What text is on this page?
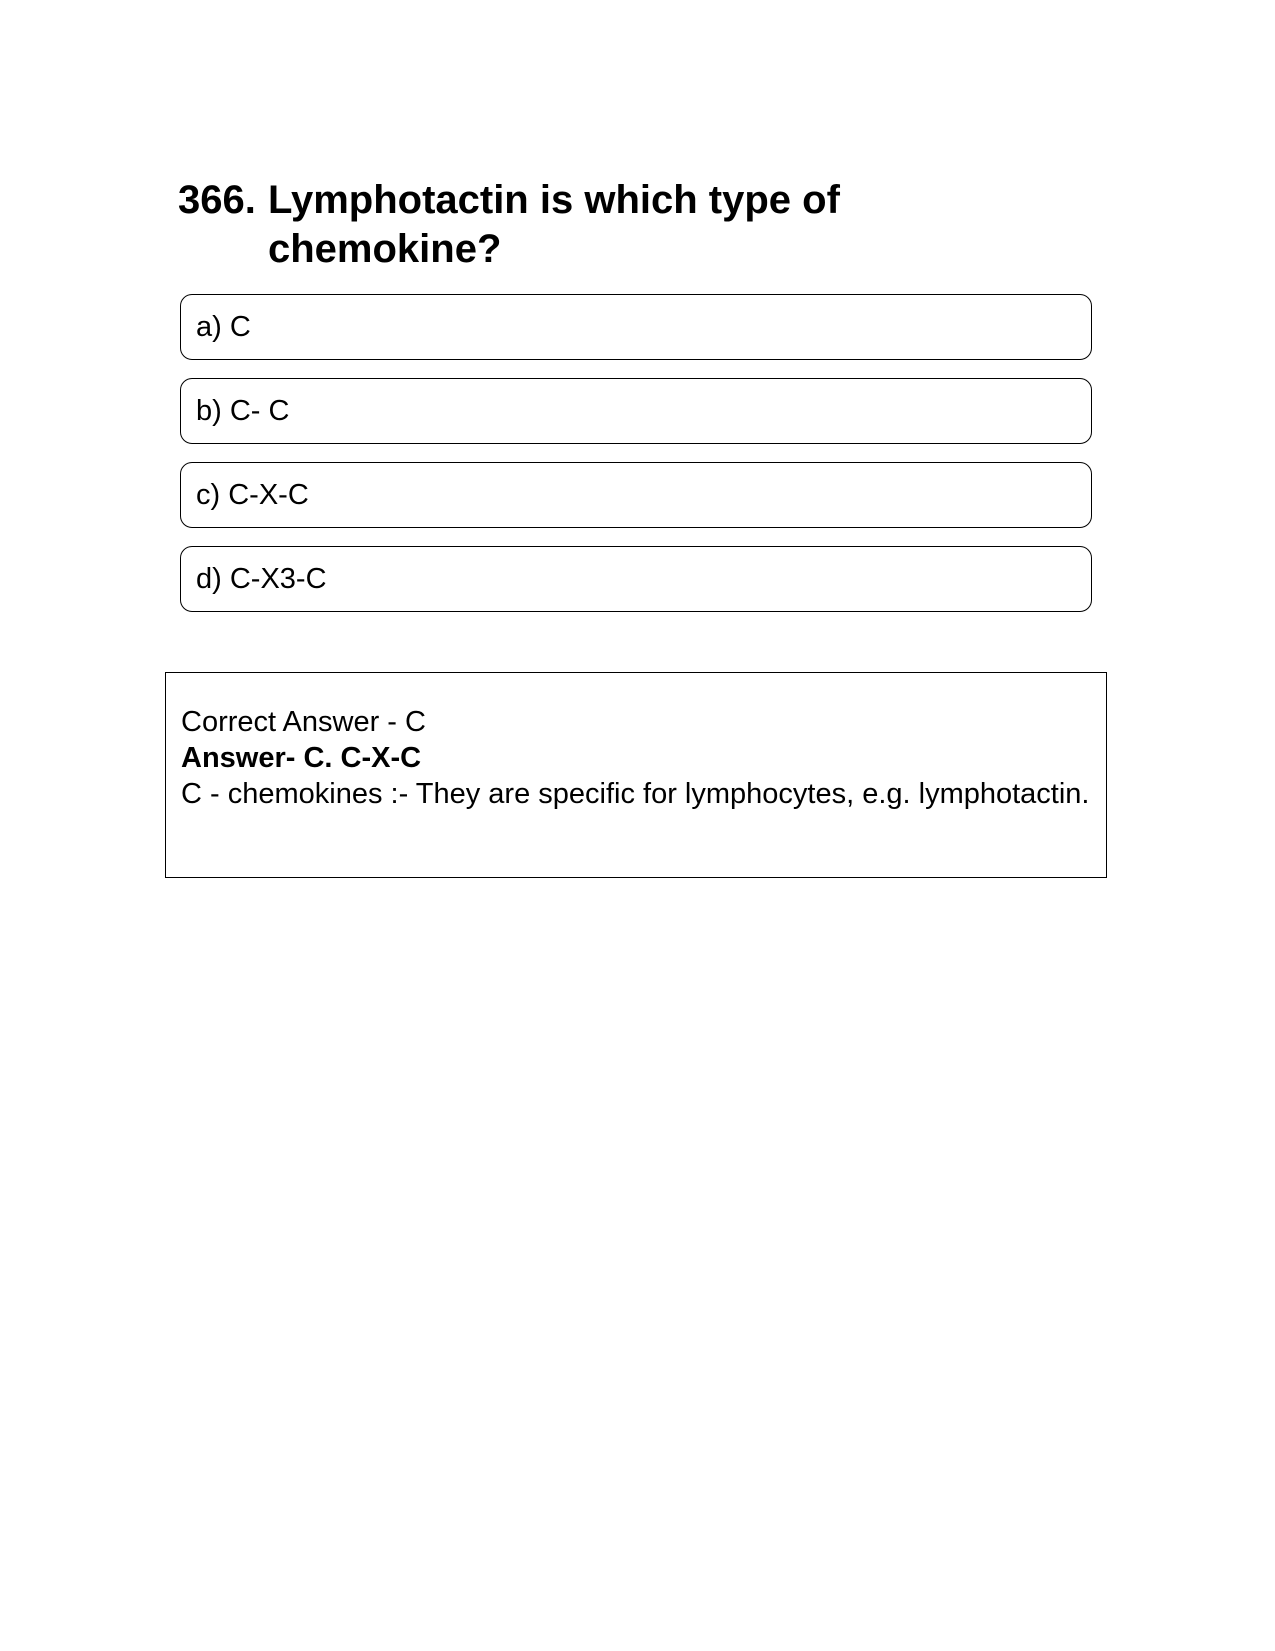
366. Lymphotactin is which type of chemokine?
a) C
b) C- C
c) C-X-C
d) C-X3-C
Correct Answer - C
Answer- C. C-X-C
C - chemokines :- They are specific for lymphocytes, e.g. lymphotactin.
